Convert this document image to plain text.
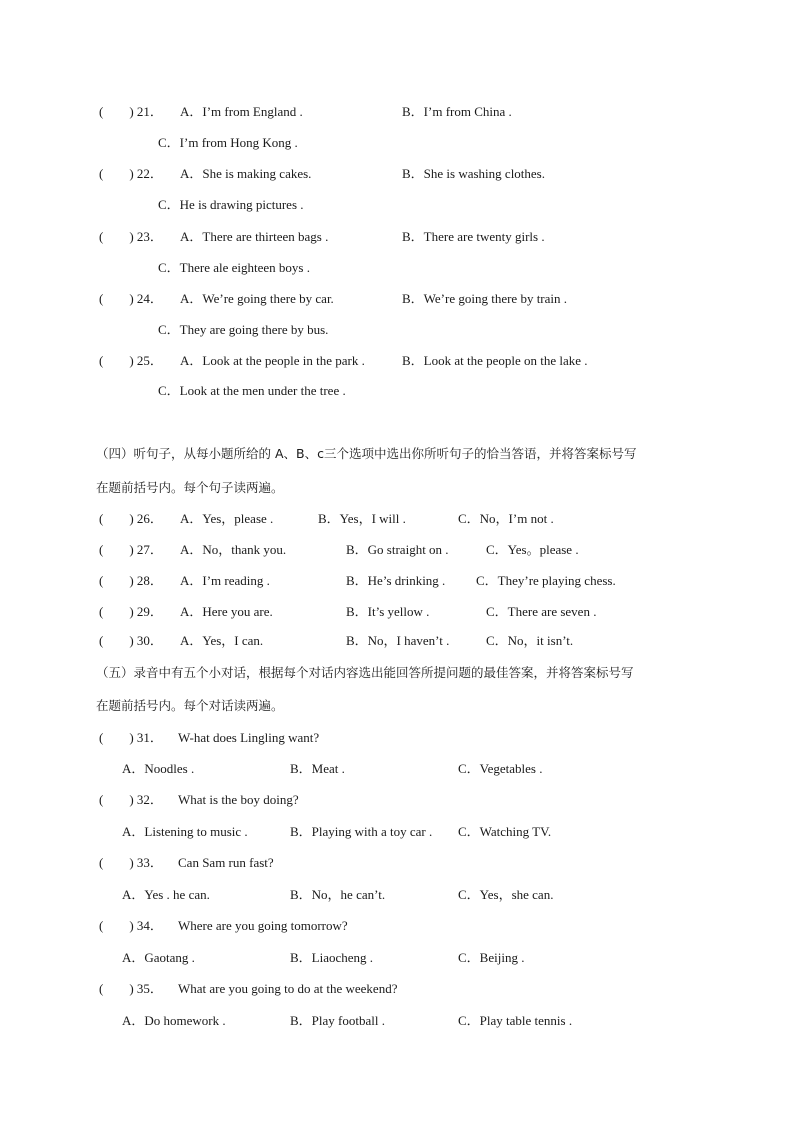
(　　) 21． A．I’m from England .	B．I’m from China .
C．I’m from Hong Kong .
(　　) 22． A．She is making cakes.	B．She is washing clothes.
C．He is drawing pictures .
(　　) 23． A．There are thirteen bags .	B．There are twenty girls .
C．There ale eighteen boys .
(　　) 24． A．We’re going there by car.	B．We’re going there by train .
C．They are going there by bus.
(　　) 25． A．Look at the people in the park .	B．Look at the people on the lake .
C．Look at the men under the tree .
（四）听句子，从每小题所给的 A、B、c三个选项中选出你所听句子的恰当答语，并将答案标号写
在题前括号内。每个句子读两遍。
(　　) 26． A．Yes，please .	B．Yes，I will .	C．No，I’m not .
(　　) 27． A．No，thank you.	B．Go straight on .	C．Yes。please .
(　　) 28． A．I’m reading .	B．He’s drinking . C．They’re playing chess.
(　　) 29． A．Here you are.	B．It’s yellow .	C．There are seven .
(　　) 30． A．Yes，I can.	B．No，I haven’t .	C．No，it isn’t.
（五）录音中有五个小对话，根据每个对话内容选出能回答所提问题的最佳答案，并将答案标号写
在题前括号内。每个对话读两遍。
(　　) 31． W-hat does Lingling want?
A．Noodles .	B．Meat .	C．Vegetables .
(　　) 32． What is the boy doing?
A．Listening to music .	B．Playing with a toy car . C．Watching TV.
(　　) 33． Can Sam run fast?
A．Yes . he can.	B．No，he can’t.	C．Yes，she can.
(　　) 34． Where are you going tomorrow?
A．Gaotang .	B．Liaocheng .	C．Beijing .
(　　) 35． What are you going to do at the weekend?
A．Do homework .	B．Play football .	C．Play table tennis .
